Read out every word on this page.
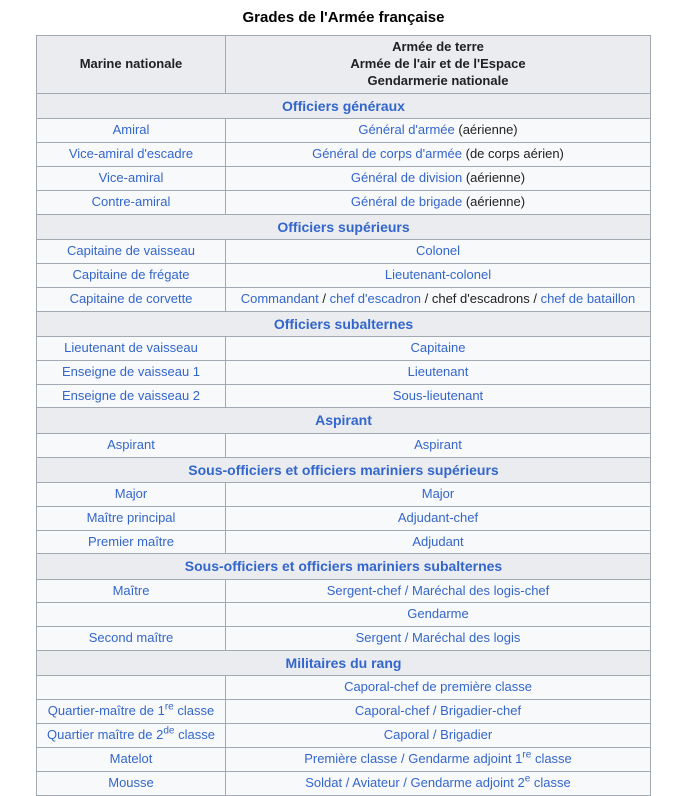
Grades de l'Armée française
Marine nationale	Armée de terre
Armée de l'air et de l'Espace
Gendarmerie nationale

Officiers généraux	
Amiral	Général d'armée (aérienne)
Vice-amiral d'escadre	Général de corps d'armée (de corps aérien)
Vice-amiral	Général de division (aérienne)
Contre-amiral	Général de brigade (aérienne)
Officiers supérieurs	
Capitaine de vaisseau	Colonel
Capitaine de frégate	Lieutenant-colonel
Capitaine de corvette	Commandant / chef d'escadron / chef d'escadrons / chef de bataillon
Officiers subalternes	
Lieutenant de vaisseau	Capitaine
Enseigne de vaisseau 1	Lieutenant
Enseigne de vaisseau 2	Sous-lieutenant
Aspirant	
Aspirant	Aspirant
Sous-officiers et officiers mariniers supérieurs	
Major	Major
Maître principal	Adjudant-chef
Premier maître	Adjudant
Sous-officiers et officiers mariniers subalternes	
Maître	Sergent-chef / Maréchal des logis-chef
	Gendarme
Second maître	Sergent / Maréchal des logis
Militaires du rang	
	Caporal-chef de première classe
Quartier-maître de 1re classe	Caporal-chef / Brigadier-chef
Quartier maître de 2de classe	Caporal / Brigadier
Matelot	Première classe / Gendarme adjoint 1re classe
Mousse	Soldat / Aviateur / Gendarme adjoint 2e classe
